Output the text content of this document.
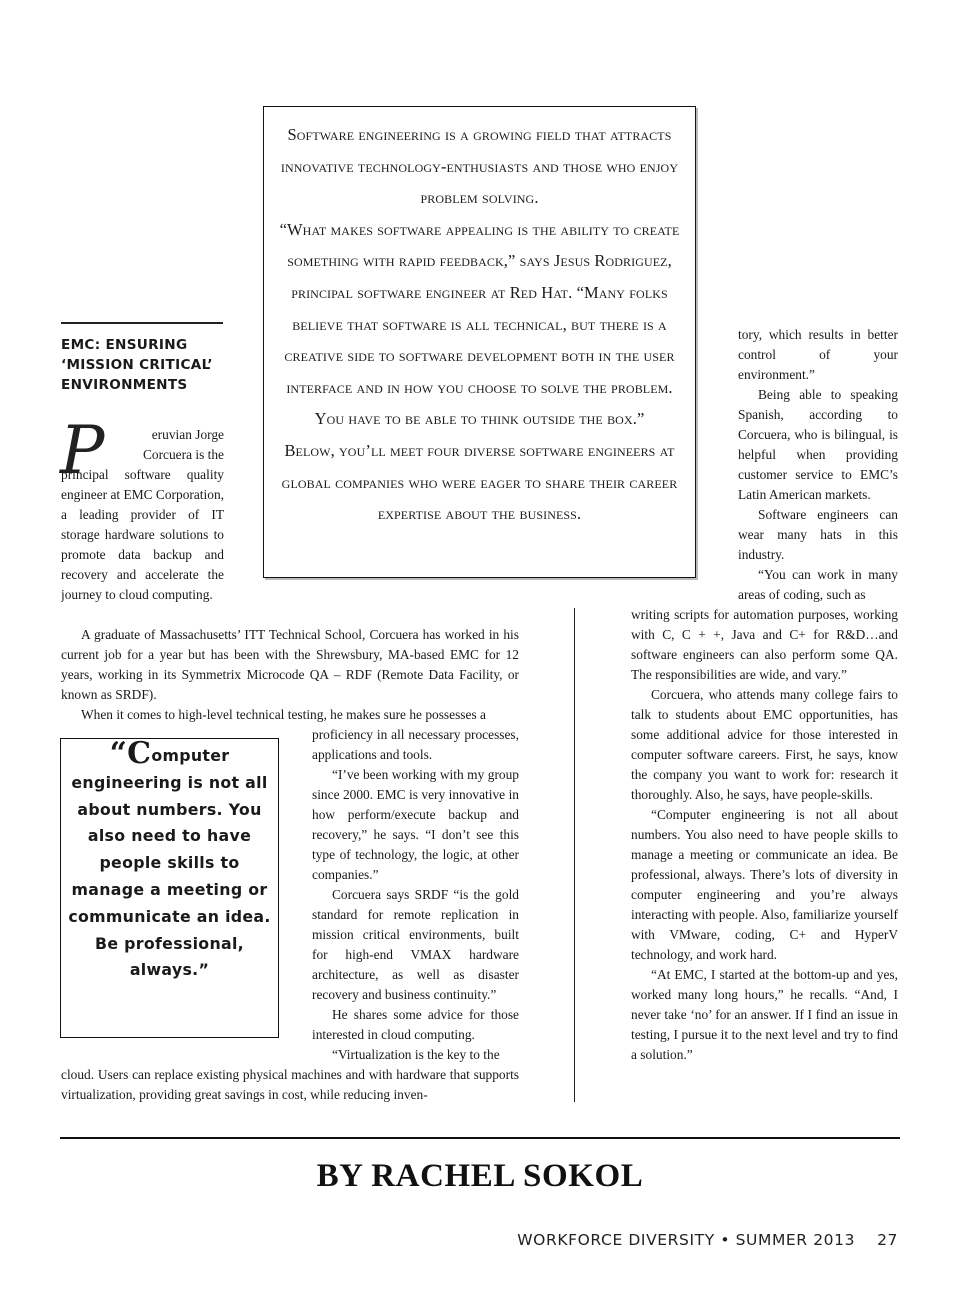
Software engineering is a growing field that attracts innovative technology-enthusiasts and those who enjoy problem solving.

“What makes software appealing is the ability to create something with rapid feedback,” says Jesus Rodriguez, principal software engineer at Red Hat. “Many folks believe that software is all technical, but there is a creative side to software development both in the user interface and in how you choose to solve the problem. You have to be able to think outside the box.”

Below, you’ll meet four diverse software engineers at global companies who were eager to share their career expertise about the business.

EMC: ENSURING ‘MISSION CRITICAL’ ENVIRONMENTS
P	eruvian Jorge Corcuera is the
principal software quality engineer at EMC Corporation, a leading provider of IT storage hardware solutions to promote data backup and recovery and accelerate the journey to cloud computing.

A graduate of Massachusetts’ ITT Technical School, Corcuera has worked in his current job for a year but has been with the Shrewsbury, MA-based EMC for 12 years, working in its Symmetrix Microcode QA – RDF (Remote Data Facility, or known as SRDF).

When it comes to high-level technical testing, he makes sure he possesses a

“Computer engineering is not all about numbers. You also need to have people skills to manage a meeting or communicate an idea. Be professional, always.”

proficiency in all necessary processes, applications and tools.

“I’ve been working with my group since 2000. EMC is very innovative in how perform/execute backup and recovery,” he says. “I don’t see this type of technology, the logic, at other companies.”

Corcuera says SRDF “is the gold standard for remote replication in mission critical environments, built for high-end VMAX hardware architecture, as well as disaster recovery and business continuity.”

He shares some advice for those interested in cloud computing.

“Virtualization is the key to the

cloud. Users can replace existing physical machines and with hardware that supports virtualization, providing great savings in cost, while reducing inven-

tory, which results in better control of your environment.”

Being able to speaking Spanish, according to Corcuera, who is bilingual, is helpful when providing customer service to EMC’s Latin American markets.

Software engineers can wear many hats in this industry.

“You can work in many areas of coding, such as

writing scripts for automation purposes, working with C, C + +, Java and C+ for R&D…and software engineers can also perform some QA. The responsibilities are wide, and vary.”

Corcuera, who attends many college fairs to talk to students about EMC opportunities, has some additional advice for those interested in computer software careers. First, he says, know the company you want to work for: research it thoroughly. Also, he says, have people-skills.

“Computer engineering is not all about numbers. You also need to have people skills to manage a meeting or communicate an idea. Be professional, always. There’s lots of diversity in computer engineering and you’re always interacting with people. Also, familiarize yourself with VMware, coding, C+ and HyperV technology, and work hard.

“At EMC, I started at the bottom-up and yes, worked many long hours,” he recalls. “And, I never take ‘no’ for an answer. If I find an issue in testing, I pursue it to the next level and try to find a solution.”

BY RACHEL SOKOL

WORKFORCE DIVERSITY • SUMMER 2013 27
